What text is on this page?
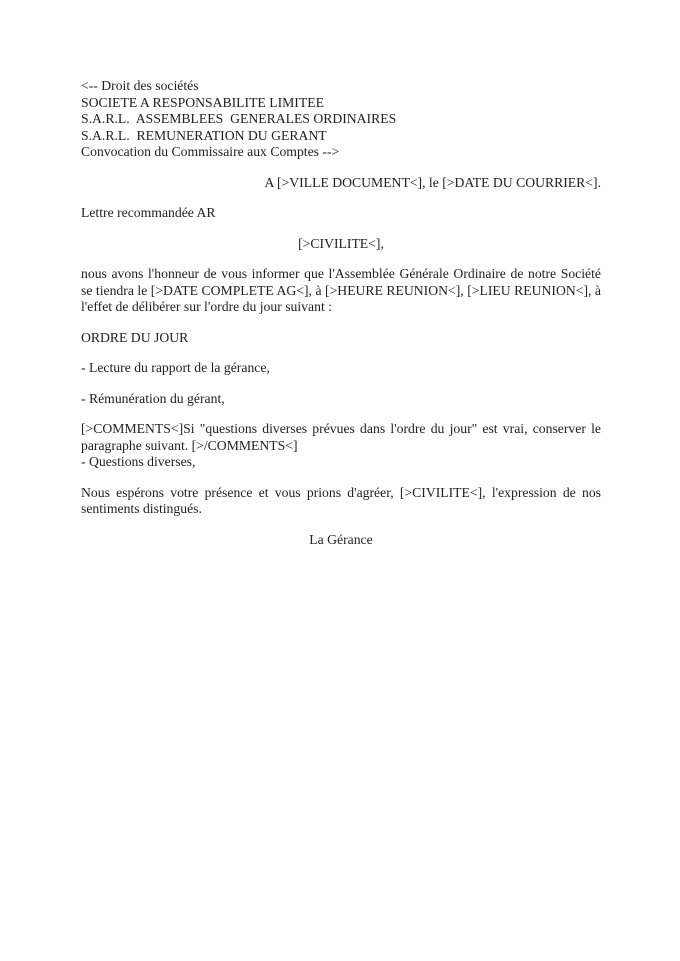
<-- Droit des sociétés
SOCIETE A RESPONSABILITE LIMITEE
S.A.R.L.  ASSEMBLEES  GENERALES ORDINAIRES
S.A.R.L.  REMUNERATION DU GERANT
Convocation du Commissaire aux Comptes -->

A [>VILLE DOCUMENT<], le [>DATE DU COURRIER<].

Lettre recommandée AR

[>CIVILITE<],

nous avons l'honneur de vous informer que l'Assemblée Générale Ordinaire de notre Société se tiendra le [>DATE COMPLETE AG<], à [>HEURE REUNION<], [>LIEU REUNION<], à l'effet de délibérer sur l'ordre du jour suivant :

ORDRE DU JOUR

- Lecture du rapport de la gérance,

- Rémunération du gérant,

[>COMMENTS<]Si "questions diverses prévues dans l'ordre du jour" est vrai, conserver le paragraphe suivant. [>/COMMENTS<]
- Questions diverses,

Nous espérons votre présence et vous prions d'agréer, [>CIVILITE<], l'expression de nos sentiments distingués.

La Gérance
